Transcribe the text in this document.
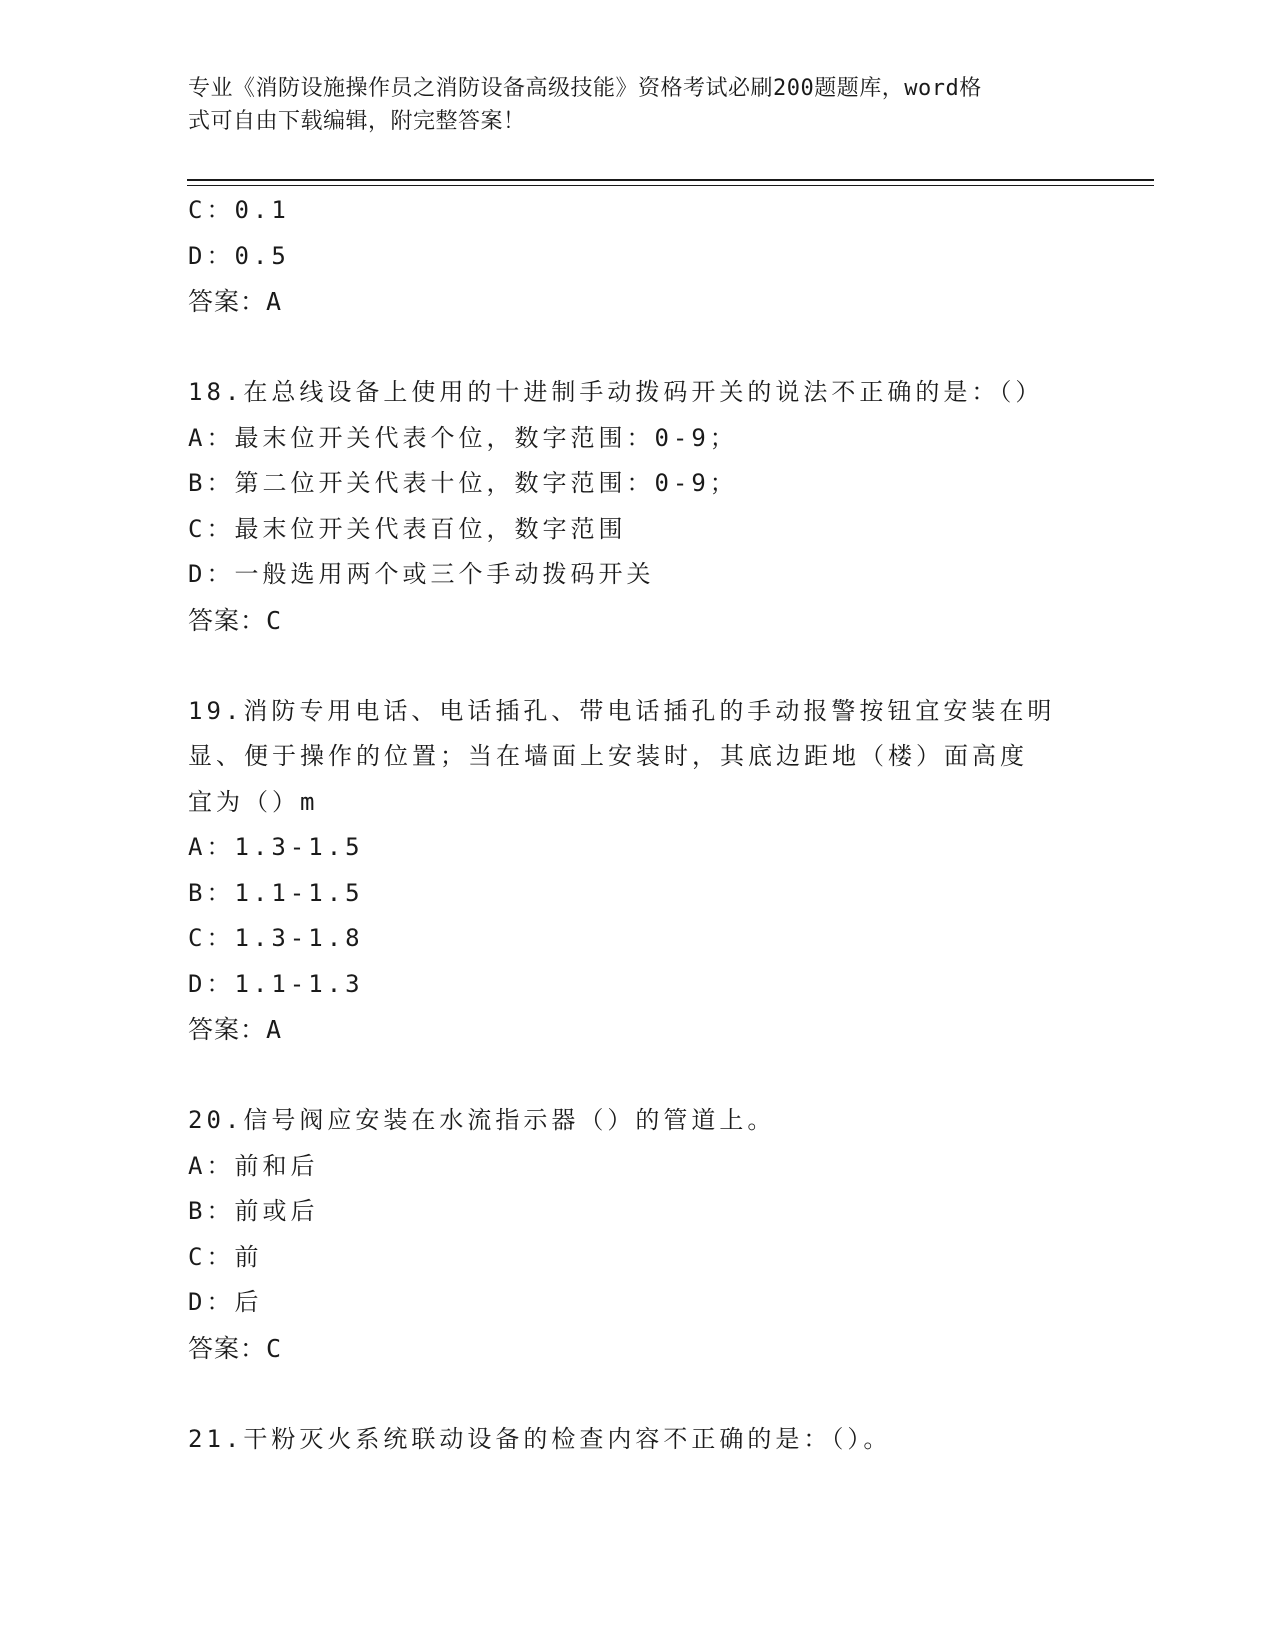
专业《消防设施操作员之消防设备高级技能》资格考试必刷200题题库，word格
式可自由下载编辑，附完整答案！
C：0.1
D：0.5
答案：A
18.在总线设备上使用的十进制手动拨码开关的说法不正确的是：（）
A：最末位开关代表个位，数字范围：0-9；
B：第二位开关代表十位，数字范围：0-9；
C：最末位开关代表百位，数字范围
D：一般选用两个或三个手动拨码开关
答案：C
19.消防专用电话、电话插孔、带电话插孔的手动报警按钮宜安装在明
显、便于操作的位置；当在墙面上安装时，其底边距地（楼）面高度
宜为（）m
A：1.3-1.5
B：1.1-1.5
C：1.3-1.8
D：1.1-1.3
答案：A
20.信号阀应安装在水流指示器（）的管道上。
A：前和后
B：前或后
C：前
D：后
答案：C
21.干粉灭火系统联动设备的检查内容不正确的是：（）。
